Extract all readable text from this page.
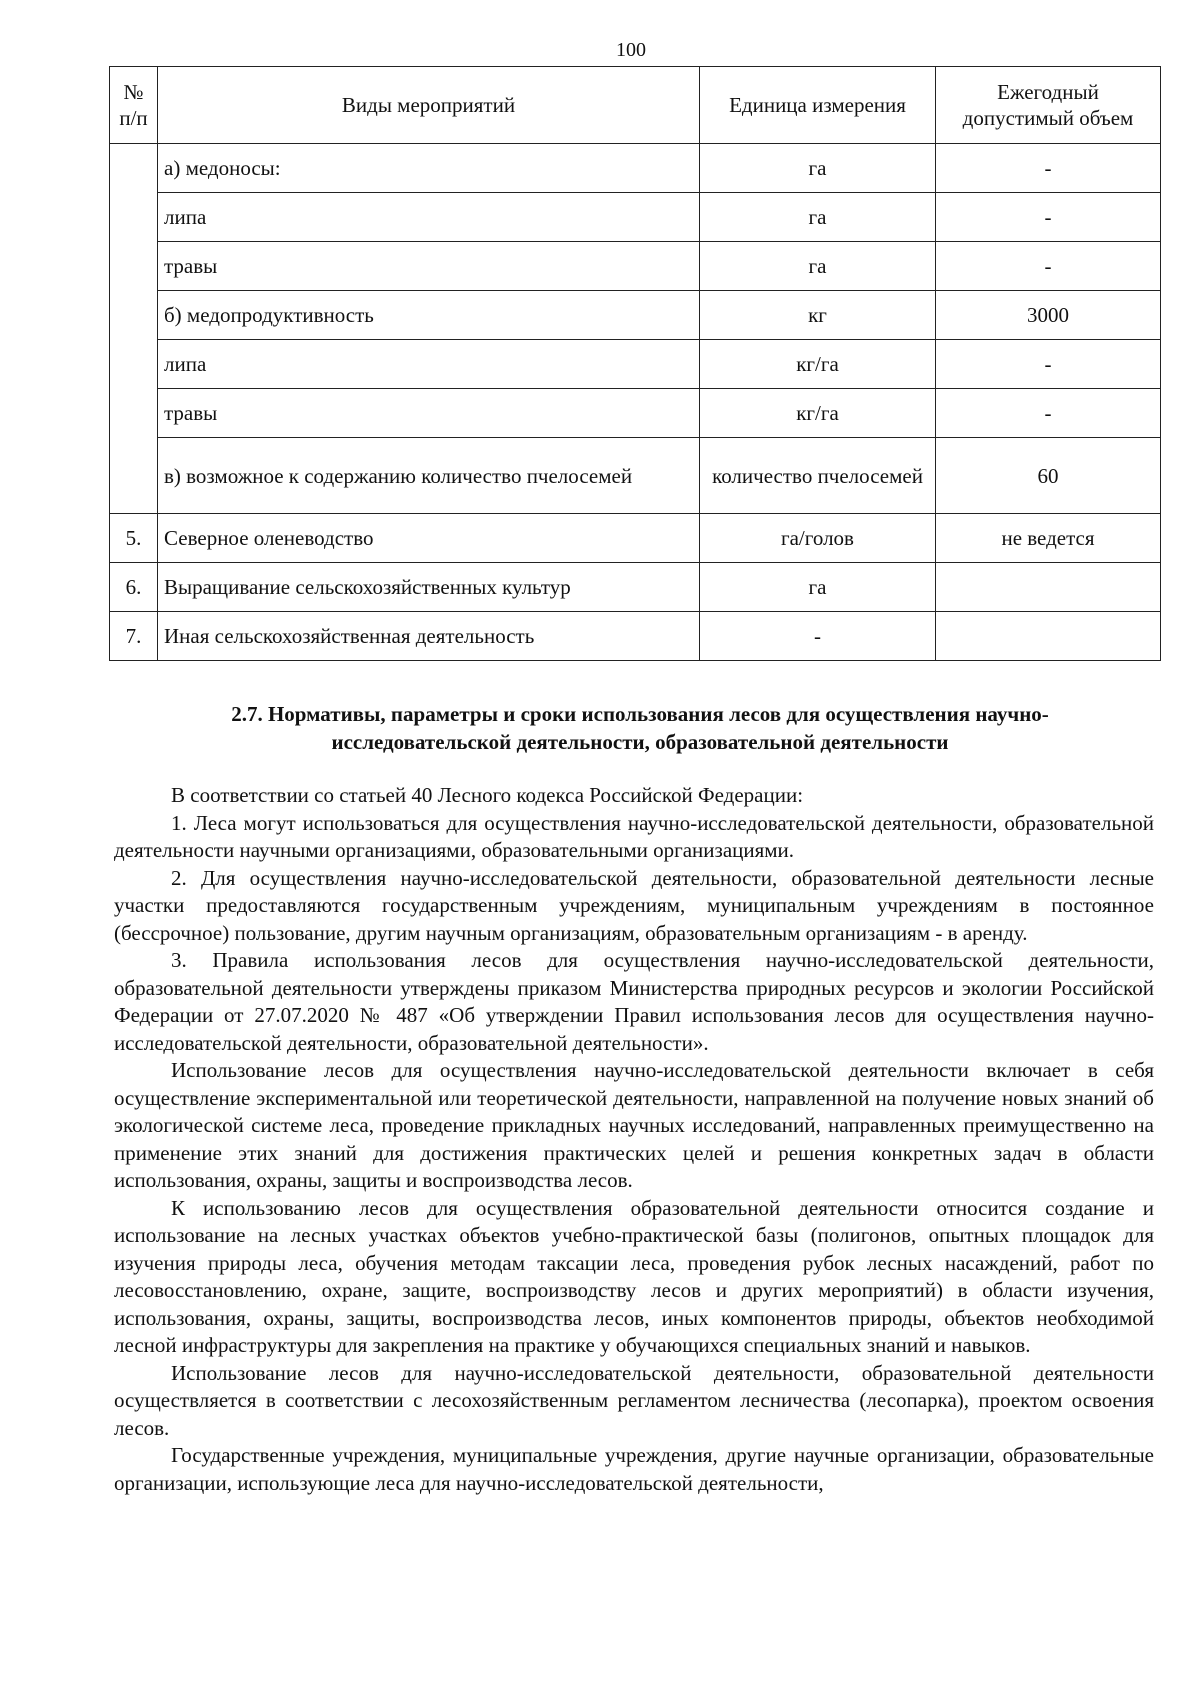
100
№ п/п	Виды мероприятий	Единица измерения	Ежегодный допустимый объем
	а) медоносы:	га	-
	липа	га	-
	травы	га	-
	б) медопродуктивность	кг	3000
	липа	кг/га	-
	травы	кг/га	-
	в) возможное к содержанию количество пчелосемей	количество пчелосемей	60
5.	Северное оленеводство	га/голов	не ведется
6.	Выращивание сельскохозяйственных культур	га	
7.	Иная сельскохозяйственная деятельность	-	
2.7. Нормативы, параметры и сроки использования лесов для осуществления научно-исследовательской деятельности, образовательной деятельности

В соответствии со статьей 40 Лесного кодекса Российской Федерации:

1. Леса могут использоваться для осуществления научно-исследовательской деятельности, образовательной деятельности научными организациями, образовательными организациями.

2. Для осуществления научно-исследовательской деятельности, образовательной деятельности лесные участки предоставляются государственным учреждениям, муниципальным учреждениям в постоянное (бессрочное) пользование, другим научным организациям, образовательным организациям - в аренду.

3. Правила использования лесов для осуществления научно-исследовательской деятельности, образовательной деятельности утверждены приказом Министерства природных ресурсов и экологии Российской Федерации от 27.07.2020 № 487 «Об утверждении Правил использования лесов для осуществления научно-исследовательской деятельности, образовательной деятельности».

Использование лесов для осуществления научно-исследовательской деятельности включает в себя осуществление экспериментальной или теоретической деятельности, направленной на получение новых знаний об экологической системе леса, проведение прикладных научных исследований, направленных преимущественно на применение этих знаний для достижения практических целей и решения конкретных задач в области использования, охраны, защиты и воспроизводства лесов.

К использованию лесов для осуществления образовательной деятельности относится создание и использование на лесных участках объектов учебно-практической базы (полигонов, опытных площадок для изучения природы леса, обучения методам таксации леса, проведения рубок лесных насаждений, работ по лесовосстановлению, охране, защите, воспроизводству лесов и других мероприятий) в области изучения, использования, охраны, защиты, воспроизводства лесов, иных компонентов природы, объектов необходимой лесной инфраструктуры для закрепления на практике у обучающихся специальных знаний и навыков.

Использование лесов для научно-исследовательской деятельности, образовательной деятельности осуществляется в соответствии с лесохозяйственным регламентом лесничества (лесопарка), проектом освоения лесов.

Государственные учреждения, муниципальные учреждения, другие научные организации, образовательные организации, использующие леса для научно-исследовательской деятельности,
